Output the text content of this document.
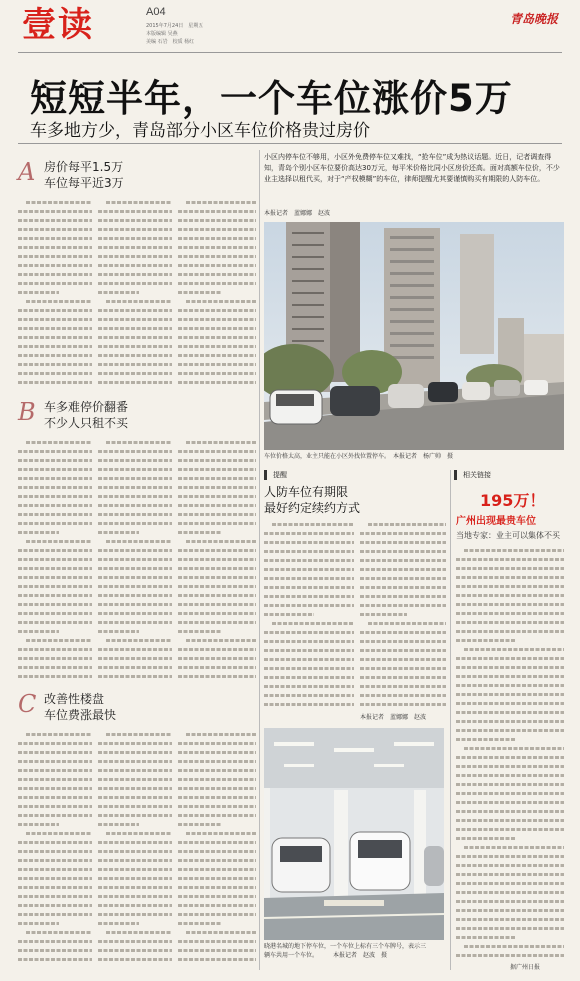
壹读	A04
2015年7月24日　星期五
本版编辑 吴燕
美编 石岩　校质 杨红
青岛晚报
短短半年，一个车位涨价5万
车多地方少，青岛部分小区车位价格贵过房价
A 房价每平1.5万
车位每平近3万
B 车多难停价翻番
不少人只租不买
C 改善性楼盘
车位费涨最快
小区内停车位不够用，小区外免费停车位又难找，“抢车位”成为热议话题。近日，记者调查得知，青岛个别小区车位要价高达30万元，每平米价格比同小区房价还高。面对高额车位价，不少业主选择以租代买，对于“产权模糊”的车位，律师提醒尤其要谨慎购买有期限的人防车位。
本报记者　蓝娜娜　赵波
车位价格太高，业主只能在小区外找位置停车。　本报记者　杨广帅　摄
提醒
人防车位有期限
最好约定续约方式
本报记者　蓝娜娜　赵波
相关链接
195万！
广州出现最贵车位
当地专家：业主可以集体不买
据广州日报
晓港名城的地下停车位，一个车位上标有三个车牌号，表示三
辆车共用一个车位。　　　本报记者　赵波　摄
